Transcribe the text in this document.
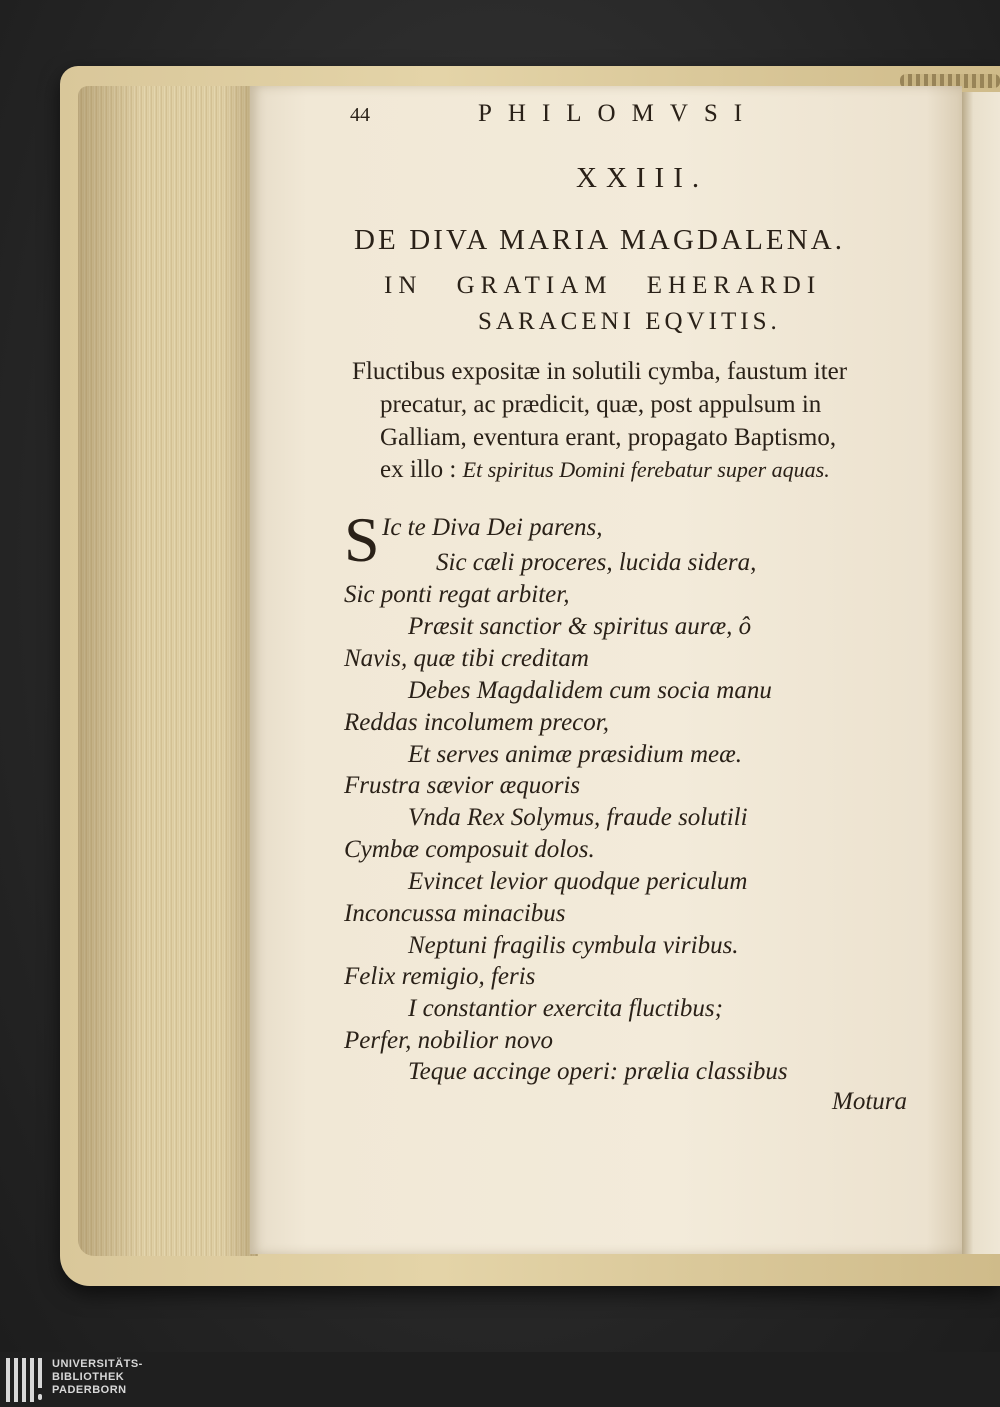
44	PHILOMVSI
XXIII.
DE DIVA MARIA MAGDALENA.
IN GRATIAM EHERARDI
SARACENI EQVITIS.
Fluctibus expositæ in solutili cymba, faustum iter
precatur, ac prædicit, quæ, post appulsum in
Galliam, eventura erant, propagato Baptismo,
ex illo : Et spiritus Domini ferebatur super aquas.
S Ic te Diva Dei parens,
Sic cæli proceres, lucida sidera,
Sic ponti regat arbiter,
Præsit sanctior & spiritus auræ, ô
Navis, quæ tibi creditam
Debes Magdalidem cum socia manu
Reddas incolumem precor,
Et serves animæ præsidium meæ.
Frustra sævior æquoris
Vnda Rex Solymus, fraude solutili
Cymbæ composuit dolos.
Evincet levior quodque periculum
Inconcussa minacibus
Neptuni fragilis cymbula viribus.
Felix remigio, feris
I constantior exercita fluctibus;
Perfer, nobilior novo
Teque accinge operi: prælia classibus
Motura
UNIVERSITÄTS-
BIBLIOTHEK
PADERBORN
